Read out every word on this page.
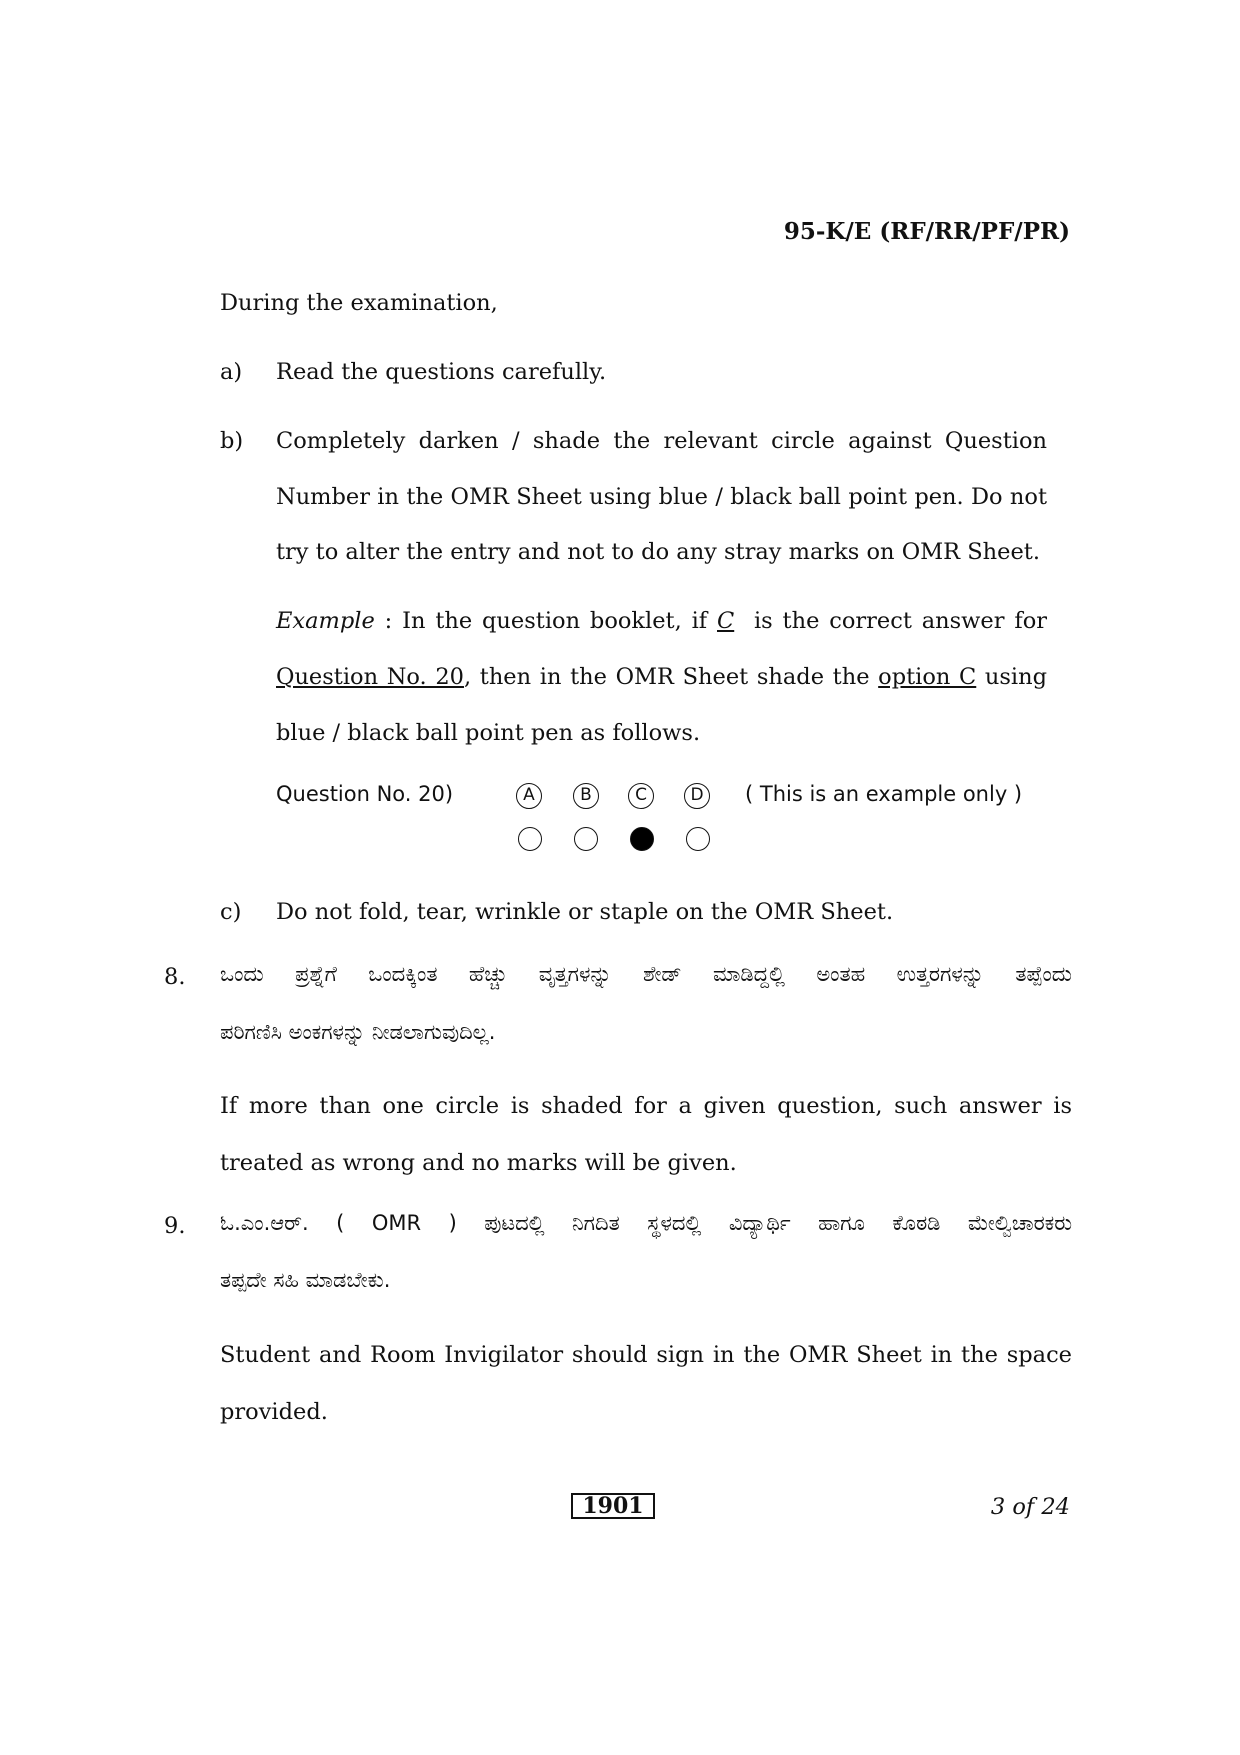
95-K/E (RF/RR/PF/PR)
During the examination,
a) Read the questions carefully.
b) Completely darken / shade the relevant circle against Question
Number in the OMR Sheet using blue / black ball point pen. Do not
try to alter the entry and not to do any stray marks on OMR Sheet.
Example : In the question booklet, if C is the correct answer for
Question No. 20, then in the OMR Sheet shade the option C using
blue / black ball point pen as follows.
Question No. 20)	A	B	C	D	( This is an example only )
c) Do not fold, tear, wrinkle or staple on the OMR Sheet.
8. ಒಂದು ಪ್ರಶ್ನೆಗೆ ಒಂದಕ್ಕಿಂತ ಹೆಚ್ಚು ವೃತ್ತಗಳನ್ನು ಶೇಡ್ ಮಾಡಿದ್ದಲ್ಲಿ ಅಂತಹ ಉತ್ತರಗಳನ್ನು ತಪ್ಪೆಂದು
ಪರಿಗಣಿಸಿ ಅಂಕಗಳನ್ನು ನೀಡಲಾಗುವುದಿಲ್ಲ.
If more than one circle is shaded for a given question, such answer is
treated as wrong and no marks will be given.
9. ಓ.ಎಂ.ಆರ್. ( OMR ) ಪುಟದಲ್ಲಿ ನಿಗದಿತ ಸ್ಥಳದಲ್ಲಿ ವಿದ್ಯಾರ್ಥಿ ಹಾಗೂ ಕೊಠಡಿ ಮೇಲ್ವಿಚಾರಕರು
ತಪ್ಪದೇ ಸಹಿ ಮಾಡಬೇಕು.
Student and Room Invigilator should sign in the OMR Sheet in the space
provided.
1901	3 of 24
